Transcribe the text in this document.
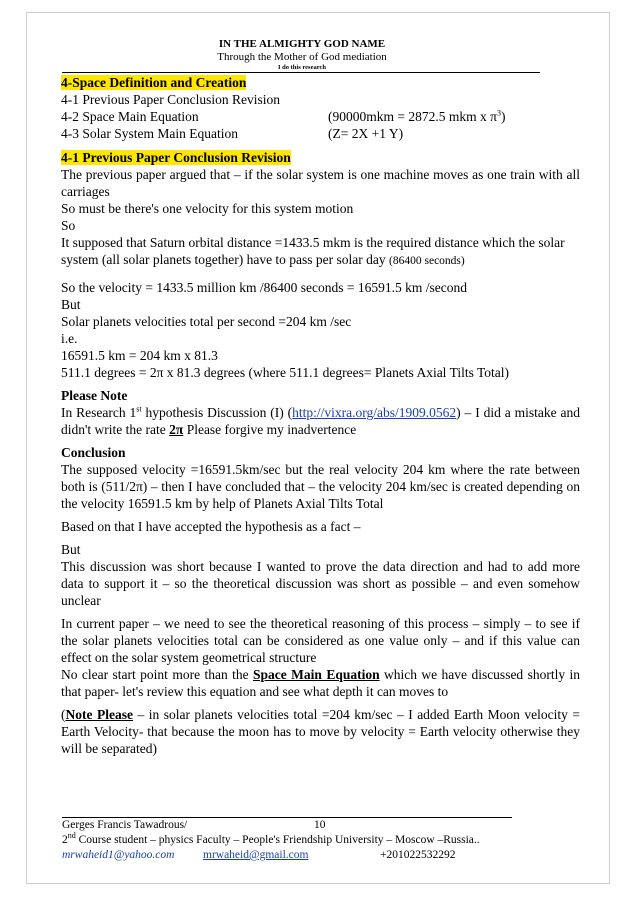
IN THE ALMIGHTY GOD NAME
Through the Mother of God mediation
I do this research

4-Space Definition and Creation

4-1 Previous Paper Conclusion Revision

4-2 Space Main Equation	(90000mkm = 2872.5 mkm x $\pi^3$)
4-3 Solar System Main Equation	(Z= 2X +1 Y)

4-1 Previous Paper Conclusion Revision

The previous paper argued that – if the solar system is one machine moves as one train with all carriages

So must be there's one velocity for this system motion

So

It supposed that Saturn orbital distance =1433.5 mkm is the required distance which the solar system (all solar planets together) have to pass per solar day (86400 seconds)

So the velocity = 1433.5 million km /86400 seconds = 16591.5 km /second

But

Solar planets velocities total per second =204 km /sec

i.e.

16591.5 km = 204 km x 81.3

511.1 degrees = 2π x 81.3 degrees (where 511.1 degrees= Planets Axial Tilts Total)

Please Note

In Research 1st hypothesis Discussion (I) (http://vixra.org/abs/1909.0562) – I did a mistake and didn't write the rate 2π Please forgive my inadvertence

Conclusion

The supposed velocity =16591.5km/sec but the real velocity 204 km where the rate between both is (511/2π) – then I have concluded that – the velocity 204 km/sec is created depending on the velocity 16591.5 km by help of Planets Axial Tilts Total

Based on that I have accepted the hypothesis as a fact –

But

This discussion was short because I wanted to prove the data direction and had to add more data to support it – so the theoretical discussion was short as possible – and even somehow unclear

In current paper – we need to see the theoretical reasoning of this process – simply – to see if the solar planets velocities total can be considered as one value only – and if this value can effect on the solar system geometrical structure

No clear start point more than the Space Main Equation which we have discussed shortly in that paper- let's review this equation and see what depth it can moves to

(Note Please – in solar planets velocities total =204 km/sec – I added Earth Moon velocity = Earth Velocity- that because the moon has to move by velocity = Earth velocity otherwise they will be separated)

Gerges Francis Tawadrous/	10
2nd Course student – physics Faculty – People's Friendship University – Moscow –Russia..
mrwaheid1@yahoo.com	mrwaheid@gmail.com	+201022532292
